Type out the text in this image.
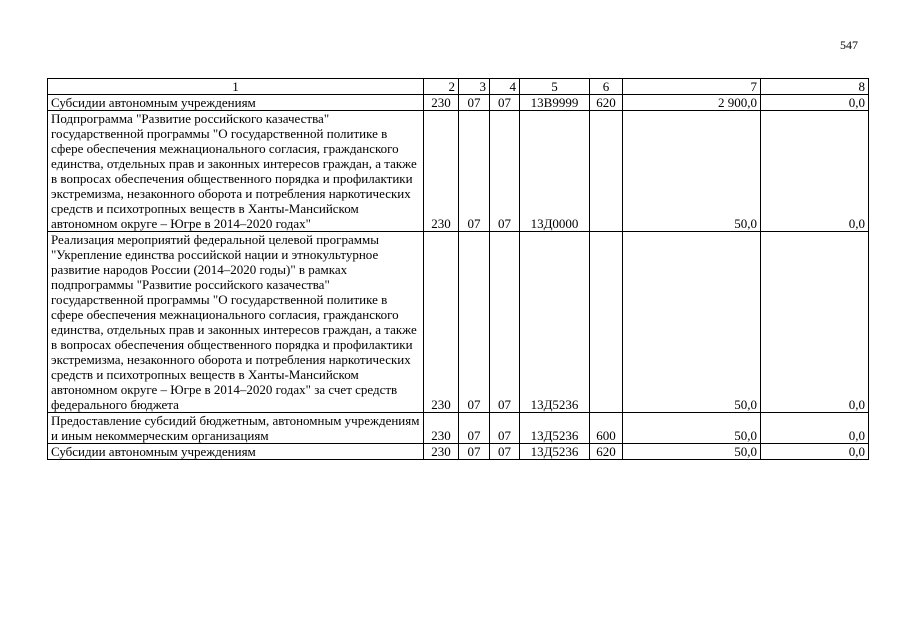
547
1	2	3	4	5	6	7	8
Субсидии автономным учреждениям	230	07	07	13В9999	620	2 900,0	0,0
Подпрограмма "Развитие российского казачества" государственной программы "О государственной политике в сфере обеспечения межнационального согласия, гражданского единства, отдельных прав и законных интересов граждан, а также в вопросах обеспечения общественного порядка и профилактики экстремизма, незаконного оборота и потребления наркотических средств и психотропных веществ в Ханты-Мансийском автономном округе – Югре в 2014–2020 годах"	230	07	07	13Д0000		50,0	0,0
Реализация мероприятий федеральной целевой программы "Укрепление единства российской нации и этнокультурное развитие народов России (2014–2020 годы)" в рамках подпрограммы "Развитие российского казачества" государственной программы "О государственной политике в сфере обеспечения межнационального согласия, гражданского единства, отдельных прав и законных интересов граждан, а также в вопросах обеспечения общественного порядка и профилактики экстремизма, незаконного оборота и потребления наркотических средств и психотропных веществ в Ханты-Мансийском автономном округе – Югре в 2014–2020 годах" за счет средств федерального бюджета	230	07	07	13Д5236		50,0	0,0
Предоставление субсидий бюджетным, автономным учреждениям и иным некоммерческим организациям	230	07	07	13Д5236	600	50,0	0,0
Субсидии автономным учреждениям	230	07	07	13Д5236	620	50,0	0,0
